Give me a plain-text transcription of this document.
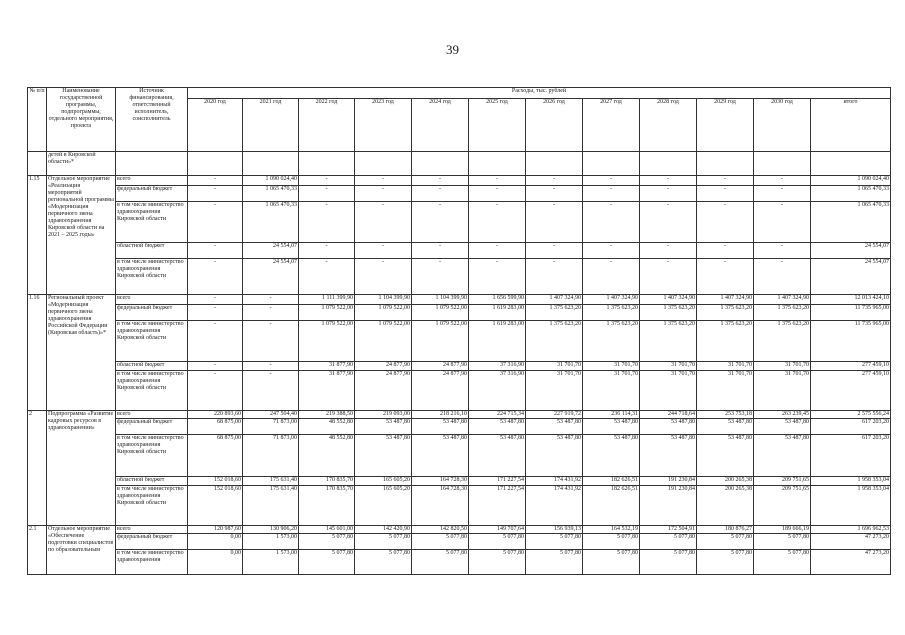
39
№ п/п	Наименование государственной программы, подпрограммы, отдельного мероприятия, проекта	Источник финансирования, ответственный исполнитель, соисполнитель	Расходы, тыс. рублей											
			2020 год	2021 год	2022 год	2023 год	2024 год	2025 год	2026 год	2027 год	2028 год	2029 год	2030 год	итого
	детей в Кировской области»*													
1.15	Отдельное мероприятие «Реализация мероприятий региональной программы «Модернизация первичного звена здравоохранения Кировской области на 2021 – 2025 годы»	всего	-	1 090 024,40	-	-	-	-	-	-	-	-	-	1 090 024,40
		федеральный бюджет	-	1 065 470,33	-	-	-	-	-	-	-	-	-	1 065 470,33
		в том числе министерство здравоохранения Кировской области	-	1 065 470,33	-	-	-	-	-	-	-	-	-	1 065 470,33
		областной бюджет	-	24 554,07	-	-	-	-	-	-	-	-	-	24 554,07
		в том числе министерство здравоохранения Кировской области	-	24 554,07	-	-	-	-	-	-	-	-	-	24 554,07
1.16	Региональный проект «Модернизация первичного звена здравоохранения Российской Федерации (Кировская область)»*	всего	-	-	1 111 399,90	1 104 399,90	1 104 399,90	1 656 599,90	1 407 324,90	1 407 324,90	1 407 324,90	1 407 324,90	1 407 324,90	12 013 424,10
		федеральный бюджет	-	-	1 079 522,00	1 079 522,00	1 079 522,00	1 619 283,00	1 375 623,20	1 375 623,20	1 375 623,20	1 375 623,20	1 375 623,20	11 735 965,00
		в том числе министерство здравоохранения Кировской области	-	-	1 079 522,00	1 079 522,00	1 079 522,00	1 619 283,00	1 375 623,20	1 375 623,20	1 375 623,20	1 375 623,20	1 375 623,20	11 735 965,00
		областной бюджет	-	-	31 877,90	24 877,90	24 877,90	37 316,90	31 701,70	31 701,70	31 701,70	31 701,70	31 701,70	277 459,10
		в том числе министерство здравоохранения Кировской области	-	-	31 877,90	24 877,90	24 877,90	37 316,90	31 701,70	31 701,70	31 701,70	31 701,70	31 701,70	277 459,10
2	Подпрограмма «Развитие кадровых ресурсов в здравоохранении»	всего	220 893,60	247 504,40	219 388,50	219 093,00	218 216,10	224 715,34	227 919,72	236 114,31	244 718,64	253 753,18	263 239,45	2 575 556,24
		федеральный бюджет	68 875,00	71 873,00	48 552,80	53 487,80	53 487,80	53 487,80	53 487,80	53 487,80	53 487,80	53 487,80	53 487,80	617 203,20
		в том числе министерство здравоохранения Кировской области	68 875,00	71 873,00	48 552,80	53 487,80	53 487,80	53 487,80	53 487,80	53 487,80	53 487,80	53 487,80	53 487,80	617 203,20
		областной бюджет	152 018,60	175 631,40	170 835,70	165 605,20	164 728,30	171 227,54	174 431,92	182 626,51	191 230,84	200 265,38	209 751,65	1 958 353,04
		в том числе министерство здравоохранения Кировской области	152 018,60	175 631,40	170 835,70	165 605,20	164 728,30	171 227,54	174 431,92	182 626,51	191 230,84	200 265,38	209 751,65	1 958 353,04
2.1	Отдельное мероприятие «Обеспечение подготовки специалистов по образовательным	всего	120 987,60	130 906,20	145 601,00	142 420,90	142 820,50	149 707,64	156 939,13	164 532,19	172 504,91	180 876,27	189 666,19	1 696 962,53
		федеральный бюджет	0,00	1 573,00	5 077,80	5 077,80	5 077,80	5 077,80	5 077,80	5 077,80	5 077,80	5 077,80	5 077,80	47 273,20
		в том числе министерство здравоохранения	0,00	1 573,00	5 077,80	5 077,80	5 077,80	5 077,80	5 077,80	5 077,80	5 077,80	5 077,80	5 077,80	47 273,20
